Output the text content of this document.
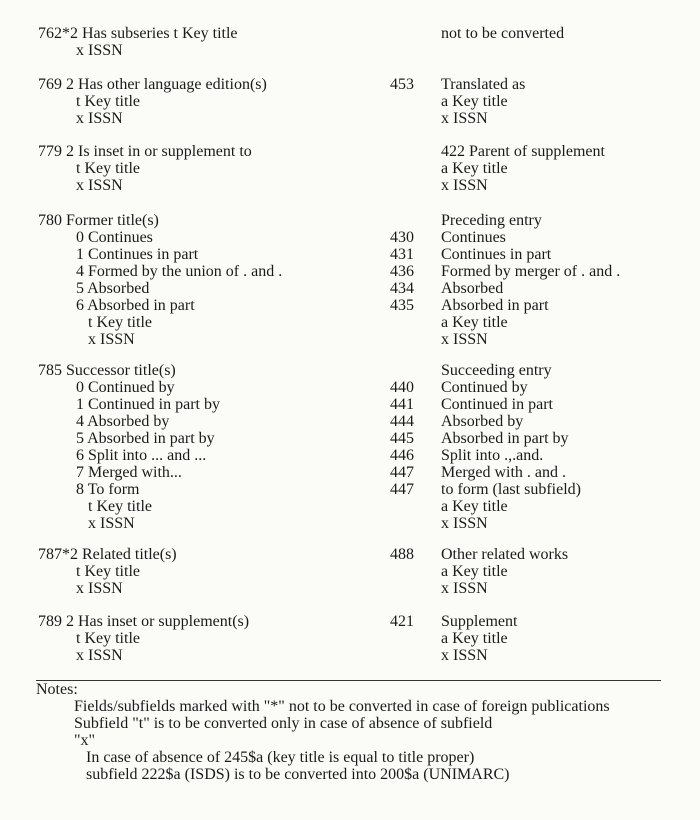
762*2 Has subseries t Key title	not to be converted
x ISSN
769 2 Has other language edition(s)	453 Translated as
t Key title	a Key title
x ISSN	x ISSN
779 2 Is inset in or supplement to	422 Parent of supplement
t Key title	a Key title
x ISSN	x ISSN
780 Former title(s)	Preceding entry
0 Continues	430 Continues
1 Continues in part	431 Continues in part
4 Formed by the union of . and .	436 Formed by merger of . and .
5 Absorbed	434 Absorbed
6 Absorbed in part	435 Absorbed in part
t Key title	a Key title
x ISSN	x ISSN
785 Successor title(s)	Succeeding entry
0 Continued by	440 Continued by
1 Continued in part by	441 Continued in part
4 Absorbed by	444 Absorbed by
5 Absorbed in part by	445 Absorbed in part by
6 Split into ... and ...	446 Split into .,.and.
7 Merged with...	447 Merged with . and .
8 To form	447 to form (last subfield)
t Key title	a Key title
x ISSN	x ISSN
787*2 Related title(s)	488 Other related works
t Key title	a Key title
x ISSN	x ISSN
789 2 Has inset or supplement(s)	421 Supplement
t Key title	a Key title
x ISSN	x ISSN
Notes:
Fields/subfields marked with "*" not to be converted in case of foreign publications
Subfield "t" is to be converted only in case of absence of subfield
"x"
In case of absence of 245$a (key title is equal to title proper)
subfield 222$a (ISDS) is to be converted into 200$a (UNIMARC)
